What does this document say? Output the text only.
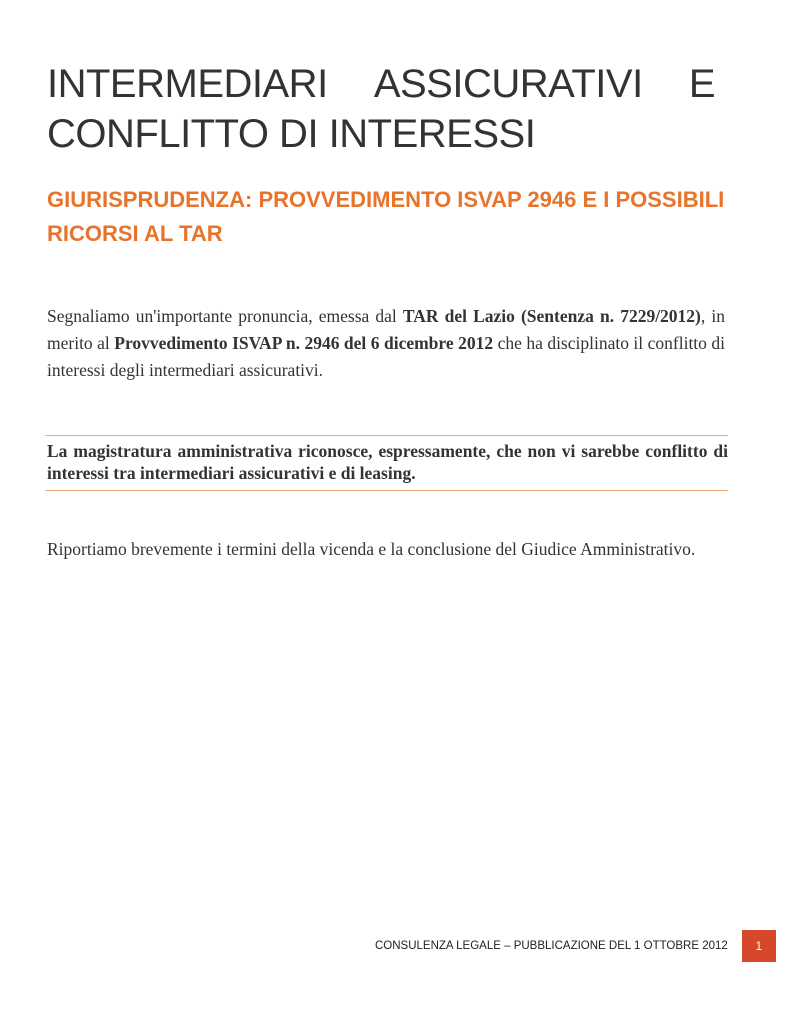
INTERMEDIARI ASSICURATIVI E
CONFLITTO DI INTERESSI
GIURISPRUDENZA: PROVVEDIMENTO ISVAP 2946 E I POSSIBILI RICORSI AL TAR

Segnaliamo un'importante pronuncia, emessa dal TAR del Lazio (Sentenza n. 7229/2012), in merito al Provvedimento ISVAP n. 2946 del 6 dicembre 2012 che ha disciplinato il conflitto di interessi degli intermediari assicurativi.

La magistratura amministrativa riconosce, espressamente, che non vi sarebbe conflitto di interessi tra intermediari assicurativi e di leasing.

Riportiamo brevemente i termini della vicenda e la conclusione del Giudice Amministrativo.

CONSULENZA LEGALE – PUBBLICAZIONE DEL 1 OTTOBRE 2012	1
